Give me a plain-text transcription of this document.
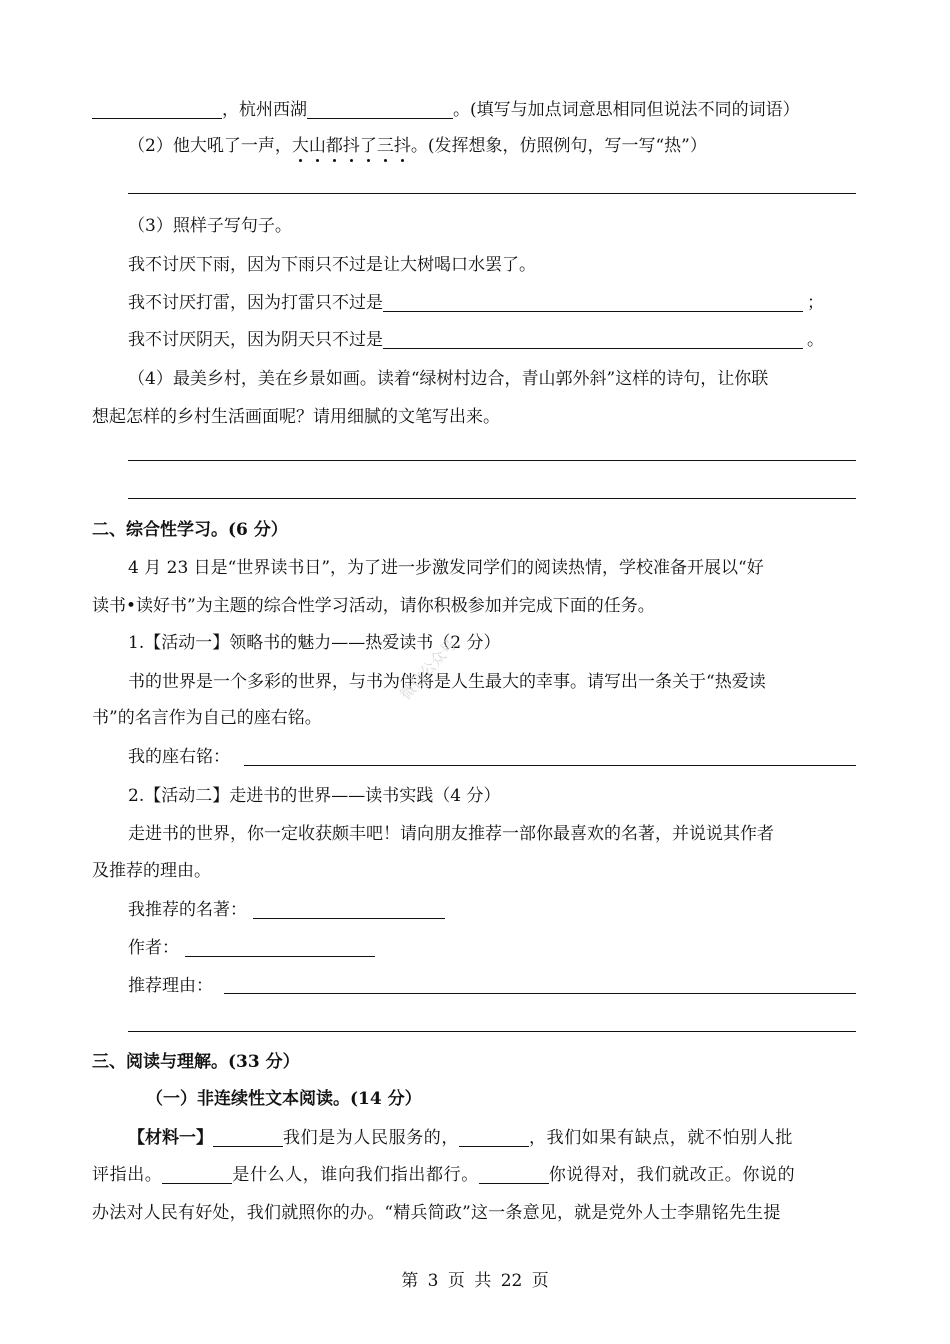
，杭州西湖	。(填写与加点词意思相同但说法不同的词语）
（2）他大吼了一声，大山都抖了三抖。(发挥想象，仿照例句，写一写“热”）
（3）照样子写句子。
我不讨厌下雨，因为下雨只不过是让大树喝口水罢了。
我不讨厌打雷，因为打雷只不过是	；
我不讨厌阴天，因为阴天只不过是	。
（4）最美乡村，美在乡景如画。读着“绿树村边合，青山郭外斜”这样的诗句，让你联
想起怎样的乡村生活画面呢？请用细腻的文笔写出来。
二、综合性学习。(6 分）
4 月 23 日是“世界读书日”，为了进一步激发同学们的阅读热情，学校准备开展以“好
读书•读好书”为主题的综合性学习活动，请你积极参加并完成下面的任务。
1.【活动一】领略书的魅力——热爱读书（2 分）
书的世界是一个多彩的世界，与书为伴将是人生最大的幸事。请写出一条关于“热爱读
书”的名言作为自己的座右铭。
我的座右铭：
2.【活动二】走进书的世界——读书实践（4 分）
走进书的世界，你一定收获颇丰吧！请向朋友推荐一部你最喜欢的名著，并说说其作者
及推荐的理由。
我推荐的名著：
作者：
推荐理由：
三、阅读与理解。(33 分）
（一）非连续性文本阅读。(14 分）
【材料一】	我们是为人民服务的，	，我们如果有缺点，就不怕别人批
评指出。	是什么人，谁向我们指出都行。	你说得对，我们就改正。你说的
办法对人民有好处，我们就照你的办。“精兵简政”这一条意见，就是党外人士李鼎铭先生提
微信公众号
第 3 页 共 22 页
